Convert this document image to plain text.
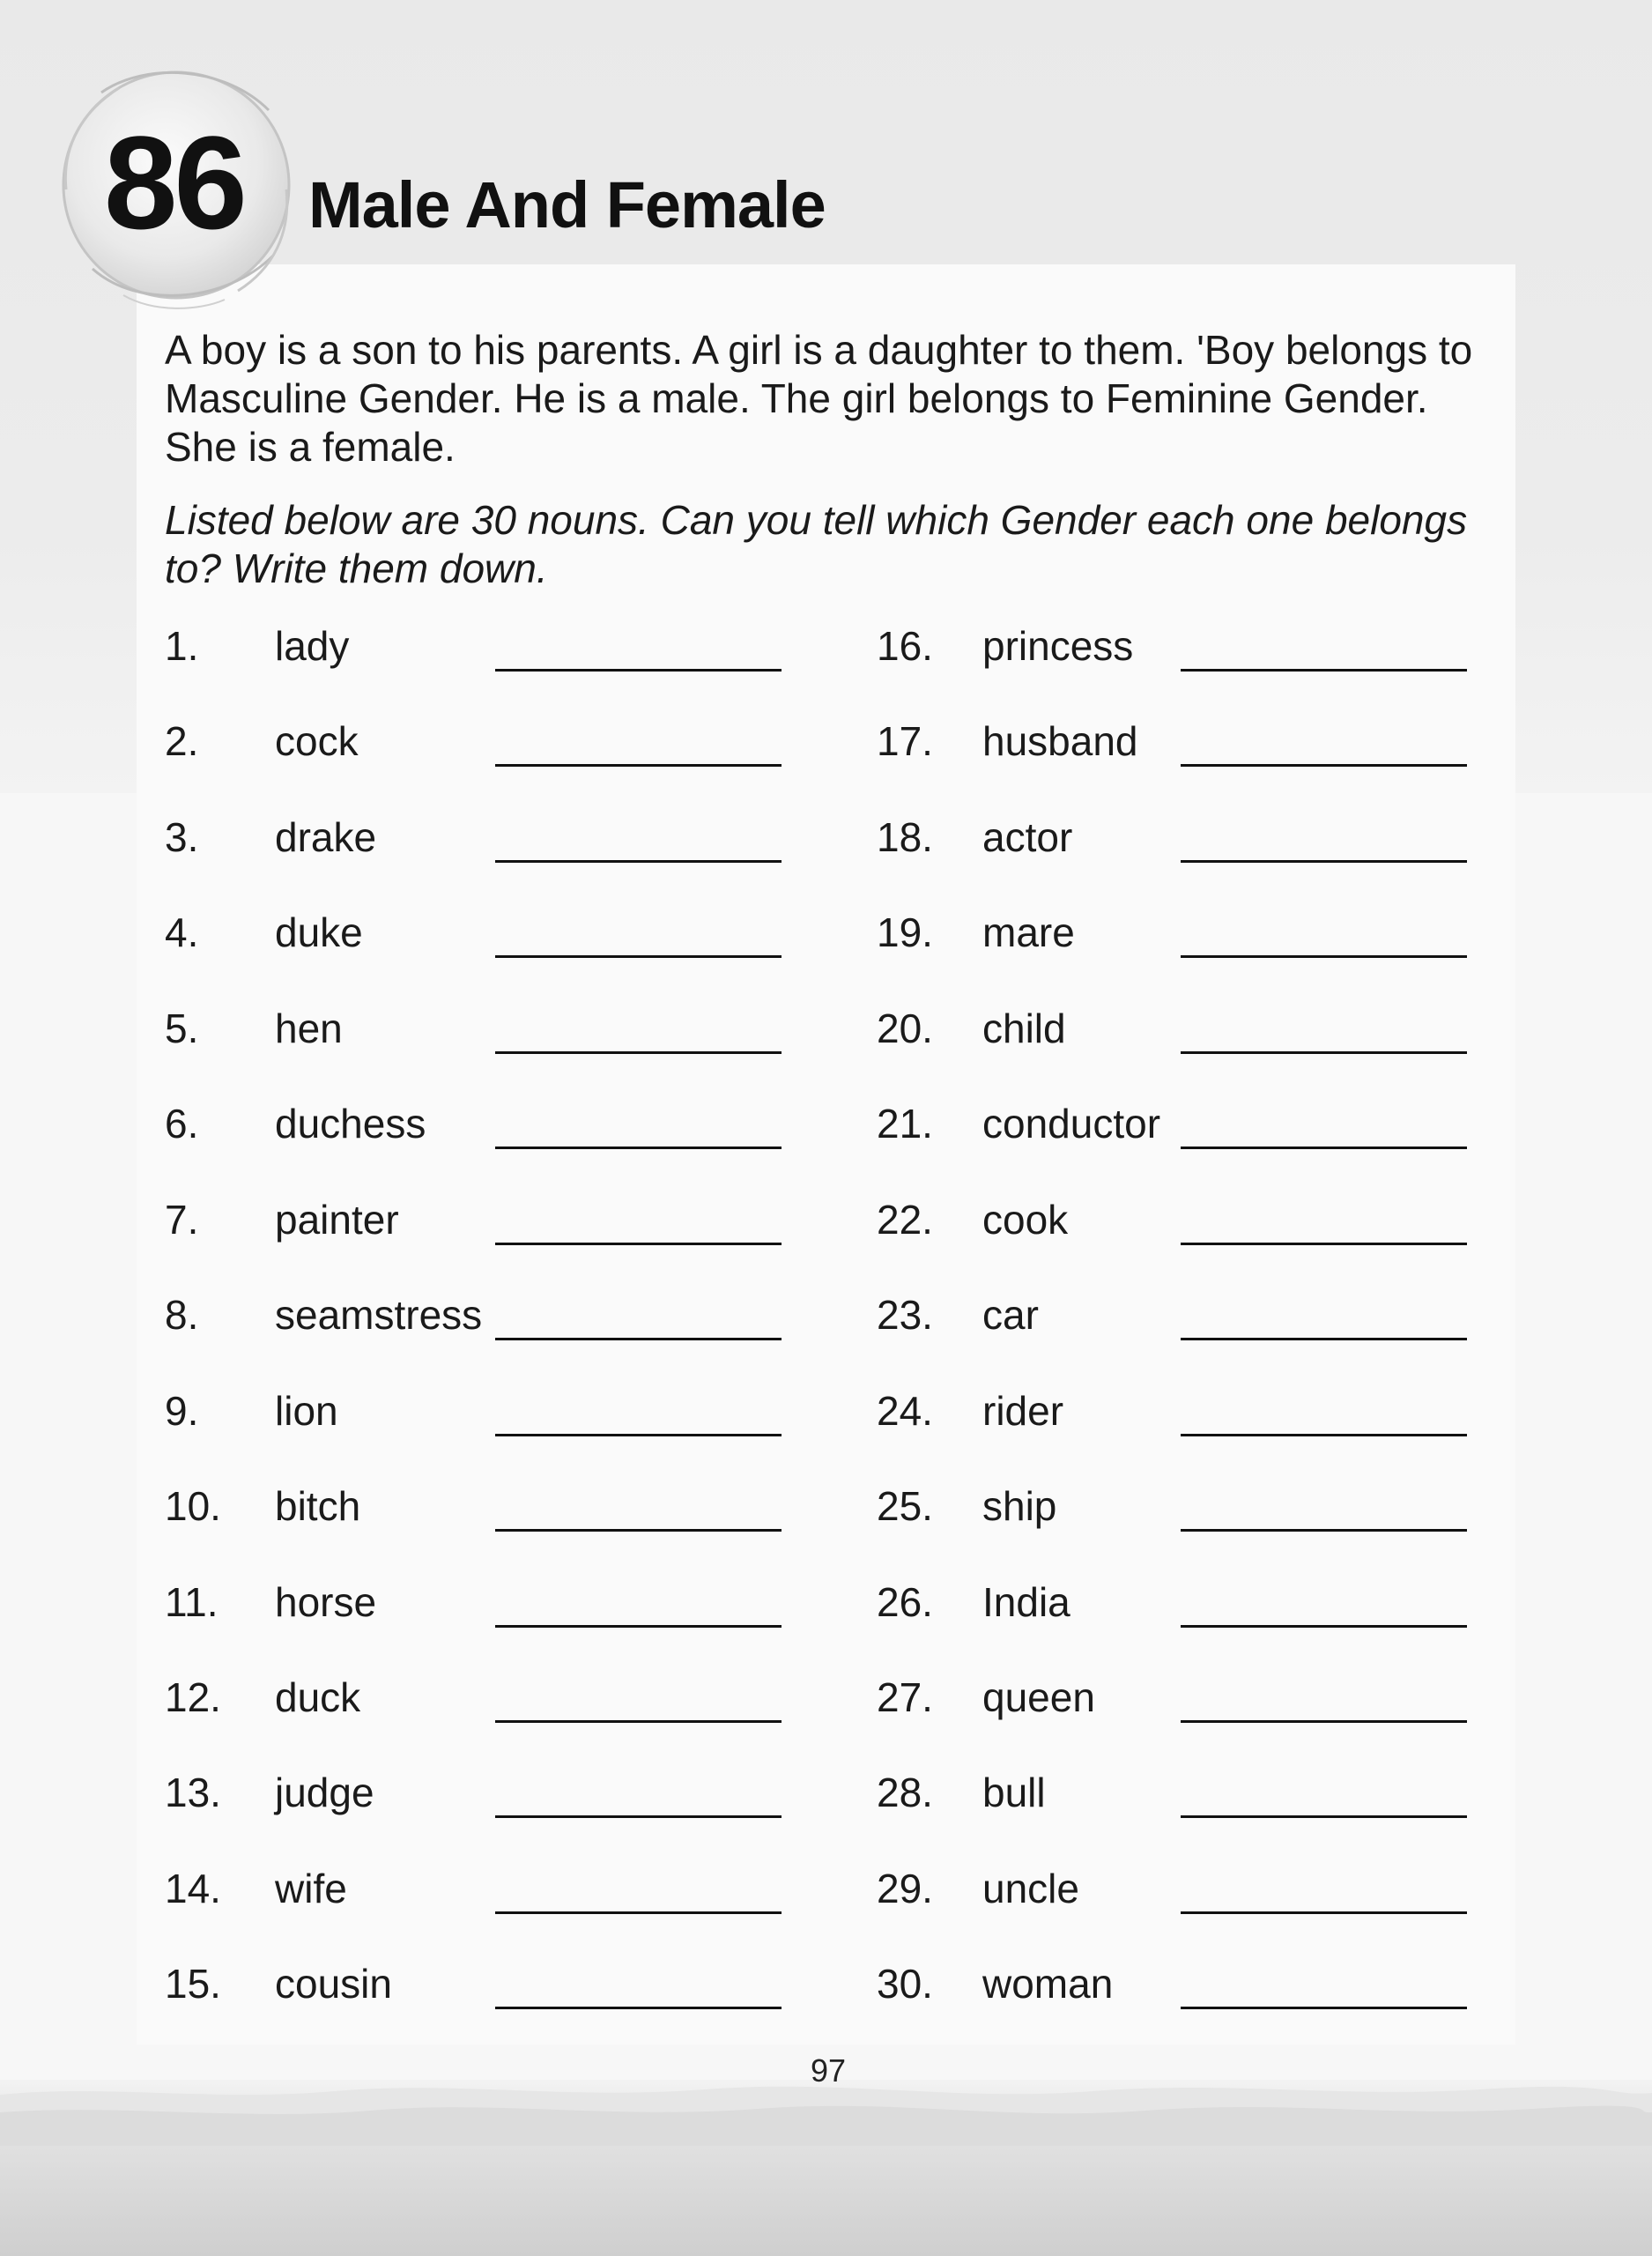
86 Male And Female

A boy is a son to his parents. A girl is a daughter to them. 'Boy belongs to Masculine Gender. He is a male. The girl belongs to Feminine Gender. She is a female.

Listed below are 30 nouns. Can you tell which Gender each one belongs to? Write them down.

1. lady
2. cock
3. drake
4. duke
5. hen
6. duchess
7. painter
8. seamstress
9. lion
10. bitch
11. horse
12. duck
13. judge
14. wife
15. cousin
16. princess
17. husband
18. actor
19. mare
20. child
21. conductor
22. cook
23. car
24. rider
25. ship
26. India
27. queen
28. bull
29. uncle
30. woman
97
